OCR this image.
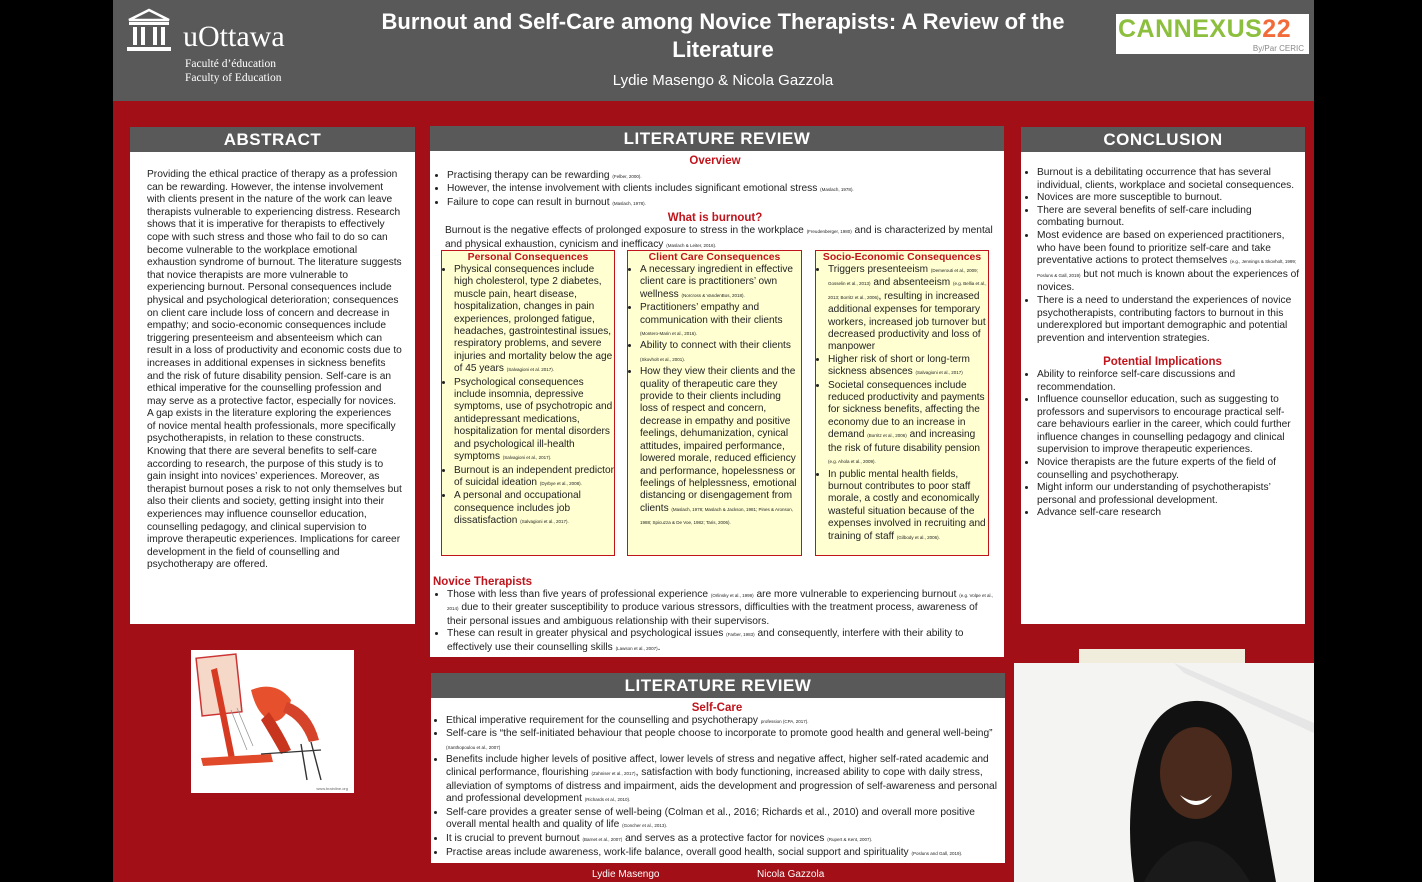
uOttawa
Faculté d’éducation
Faculty of Education
Burnout and Self-Care among Novice Therapists: A Review of the Literature
Lydie Masengo & Nicola Gazzola
CANNEXUS22
By/Par CERIC
ABSTRACT
Providing the ethical practice of therapy as a profession can be rewarding. However, the intense involvement with clients present in the nature of the work can leave therapists vulnerable to experiencing distress. Research shows that it is imperative for therapists to effectively cope with such stress and those who fail to do so can become vulnerable to the workplace emotional exhaustion syndrome of burnout. The literature suggests that novice therapists are more vulnerable to experiencing burnout. Personal consequences include physical and psychological deterioration; consequences on client care include loss of concern and decrease in empathy; and socio-economic consequences include triggering presenteeism and absenteeism which can result in a loss of productivity and economic costs due to increases in additional expenses in sickness benefits and the risk of future disability pension. Self-care is an ethical imperative for the counselling profession and may serve as a protective factor, especially for novices. A gap exists in the literature exploring the experiences of novice mental health professionals, more specifically psychotherapists, in relation to these constructs. Knowing that there are several benefits to self-care according to research, the purpose of this study is to gain insight into novices’ experiences. Moreover, as therapist burnout poses a risk to not only themselves but also their clients and society, getting insight into their experiences may influence counsellor education, counselling pedagogy, and clinical supervision to improve therapeutic experiences. Implications for career development in the field of counselling and psychotherapy are offered.
LITERATURE REVIEW
Overview
• Practising therapy can be rewarding (Felber, 2000).
• However, the intense involvement with clients includes significant emotional stress (Maslach, 1978).
• Failure to cope can result in burnout (Maslach, 1978).
What is burnout?
Burnout is the negative effects of prolonged exposure to stress in the workplace (Freudenberger, 1980) and is characterized by mental and physical exhaustion, cynicism and inefficacy (Maslach & Leiter, 2016).
Personal Consequences
• Physical consequences include high cholesterol, type 2 diabetes, muscle pain, heart disease, hospitalization, changes in pain experiences, prolonged fatigue, headaches, gastrointestinal issues, respiratory problems, and severe injuries and mortality below the age of 45 years (Salvagioni et al. 2017).
• Psychological consequences include insomnia, depressive symptoms, use of psychotropic and antidepressant medications, hospitalization for mental disorders and psychological ill-health symptoms (Salvagioni et al., 2017).
• Burnout is an independent predictor of suicidal ideation (Dyrbye et al., 2008).
• A personal and occupational consequence includes job dissatisfaction (Salvagioni et al., 2017).
Client Care Consequences
• A necessary ingredient in effective client care is practitioners’ own wellness (Norcross & VandenBos, 2018).
• Practitioners’ empathy and communication with their clients (Montero-Marin et al., 2016).
• Ability to connect with their clients (Skovholt et al., 2001).
• How they view their clients and the quality of therapeutic care they provide to their clients including loss of respect and concern, decrease in empathy and positive feelings, dehumanization, cynical attitudes, impaired performance, lowered morale, reduced efficiency and performance, hopelessness or feelings of helplessness, emotional distancing or disengagement from clients (Maslach, 1978; Maslach & Jackson, 1981; Pines & Aronson, 1988; Spicuzza & De Voe, 1982; Taris, 2006).
Socio-Economic Consequences
• Triggers presenteeism (Demerouti et al., 2009; Gosselin et al., 2013) and absenteeism (e.g. Bellia et al., 2013; Borritz et al., 2006), resulting in increased additional expenses for temporary workers, increased job turnover but decreased productivity and loss of manpower
• Higher risk of short or long-term sickness absences (Salvagioni et al., 2017)
• Societal consequences include reduced productivity and payments for sickness benefits, affecting the economy due to an increase in demand (Borritz et al., 2006) and increasing the risk of future disability pension (e.g. Ahola et al., 2009).
• In public mental health fields, burnout contributes to poor staff morale, a costly and economically wasteful situation because of the expenses involved in recruiting and training of staff (Gilbody et al., 2006).
Novice Therapists
• Those with less than five years of professional experience (Orlinsky et al., 1999) are more vulnerable to experiencing burnout (e.g. Volpe et al., 2014) due to their greater susceptibility to produce various stressors, difficulties with the treatment process, awareness of their personal issues and ambiguous relationship with their supervisors.
• These can result in greater physical and psychological issues (Farber, 1983) and consequently, interfere with their ability to effectively use their counselling skills (Lawson et al., 2007).
CONCLUSION
• Burnout is a debilitating occurrence that has several individual, clients, workplace and societal consequences.
• Novices are more susceptible to burnout.
• There are several benefits of self-care including combating burnout.
• Most evidence are based on experienced practitioners, who have been found to prioritize self-care and take preventative actions to protect themselves (e.g., Jennings & Skovholt, 1999; Posluns & Gall, 2019) but not much is known about the experiences of novices.
• There is a need to understand the experiences of novice psychotherapists, contributing factors to burnout in this underexplored but important demographic and potential prevention and intervention strategies.
Potential Implications
• Ability to reinforce self-care discussions and recommendation.
• Influence counsellor education, such as suggesting to professors and supervisors to encourage practical self-care behaviours earlier in the career, which could further influence changes in counselling pedagogy and clinical supervision to improve therapeutic experiences.
• Novice therapists are the future experts of the field of counselling and psychotherapy.
• Might inform our understanding of psychotherapists’ personal and professional development.
• Advance self-care research
LITERATURE REVIEW
Self-Care
• Ethical imperative requirement for the counselling and psychotherapy profession (CPA, 2017).
• Self-care is “the self-initiated behaviour that people choose to incorporate to promote good health and general well-being” (Xanthopoulou et al., 2007)
• Benefits include higher levels of positive affect, lower levels of stress and negative affect, higher self-rated academic and clinical performance, flourishing (Zahniser et al., 2017), satisfaction with body functioning, increased ability to cope with daily stress, alleviation of symptoms of distress and impairment, aids the development and progression of self-awareness and personal and professional development (Richards et al., 2010).
• Self-care provides a greater sense of well-being (Colman et al., 2016; Richards et al., 2010) and overall more positive overall mental health and quality of life (Goncher et al., 2013).
• It is crucial to prevent burnout (Barnet et al., 2007) and serves as a protective factor for novices (Rupert & Kent, 2007).
• Practise areas include awareness, work-life balance, overall good health, social support and spirituality (Posluns and Gall, 2019).
www.brainline.org
Lydie Masengo	Nicola Gazzola
